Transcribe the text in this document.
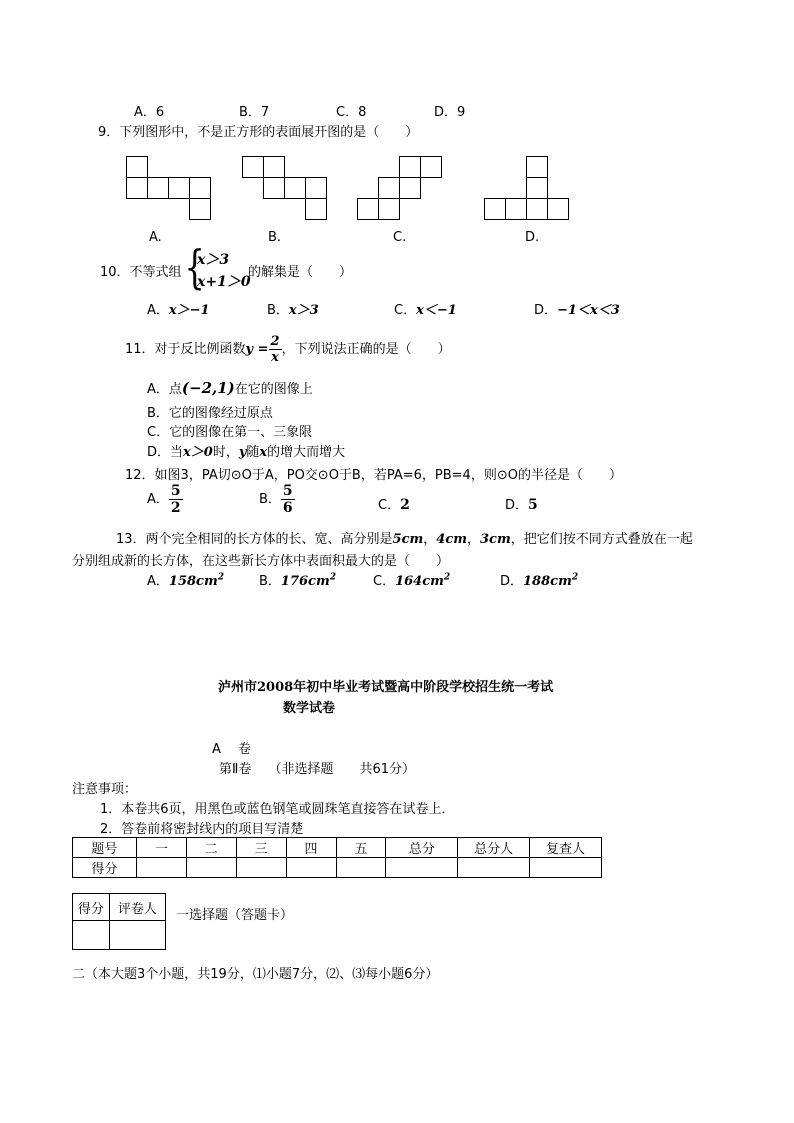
A．6	B．7	C．8	D．9
9．下列图形中，不是正方形的表面展开图的是（　　）
A.	B.	C.	D.
10．不等式组 {
x＞3
x+1＞0
的解集是（　　）
A．x＞−1	B．x＞3	C．x＜−1	D．−1＜x＜3
11．对于反比例函数$y = \frac{2}{x}$ ，下列说法正确的是（　　）
A．点(−2,1)在它的图像上
B．它的图像经过原点
C．它的图像在第一、三象限
D．当x＞0时，y随x的增大而增大
12．如图3，PA切⊙O于A，PO交⊙O于B，若PA=6，PB=4，则⊙O的半径是（　　）
A． $\frac{5}{2}$	B． $\frac{5}{6}$	C．2	D．5
13．两个完全相同的长方体的长、宽、高分别是5cm，4cm，3cm，把它们按不同方式叠放在一起
分别组成新的长方体，在这些新长方体中表面积最大的是（　　）
A．$158cm^2$	B．$176cm^2$	C．$164cm^2$	D．$188cm^2$
泸州市2008年初中毕业考试暨高中阶段学校招生统一考试
数学试卷
A　 卷
第Ⅱ卷　 （非选择题　　共61分）
注意事项：
1．本卷共6页，用黑色或蓝色钢笔或圆珠笔直接答在试卷上．
2．答卷前将密封线内的项目写清楚
题号	一	二	三	四	五	总分	总分人	复查人
得分								
得分	评卷人
	一选择题（答题卡）
二（本大题3个小题，共19分，⑴小题7分，⑵、⑶每小题6分）
